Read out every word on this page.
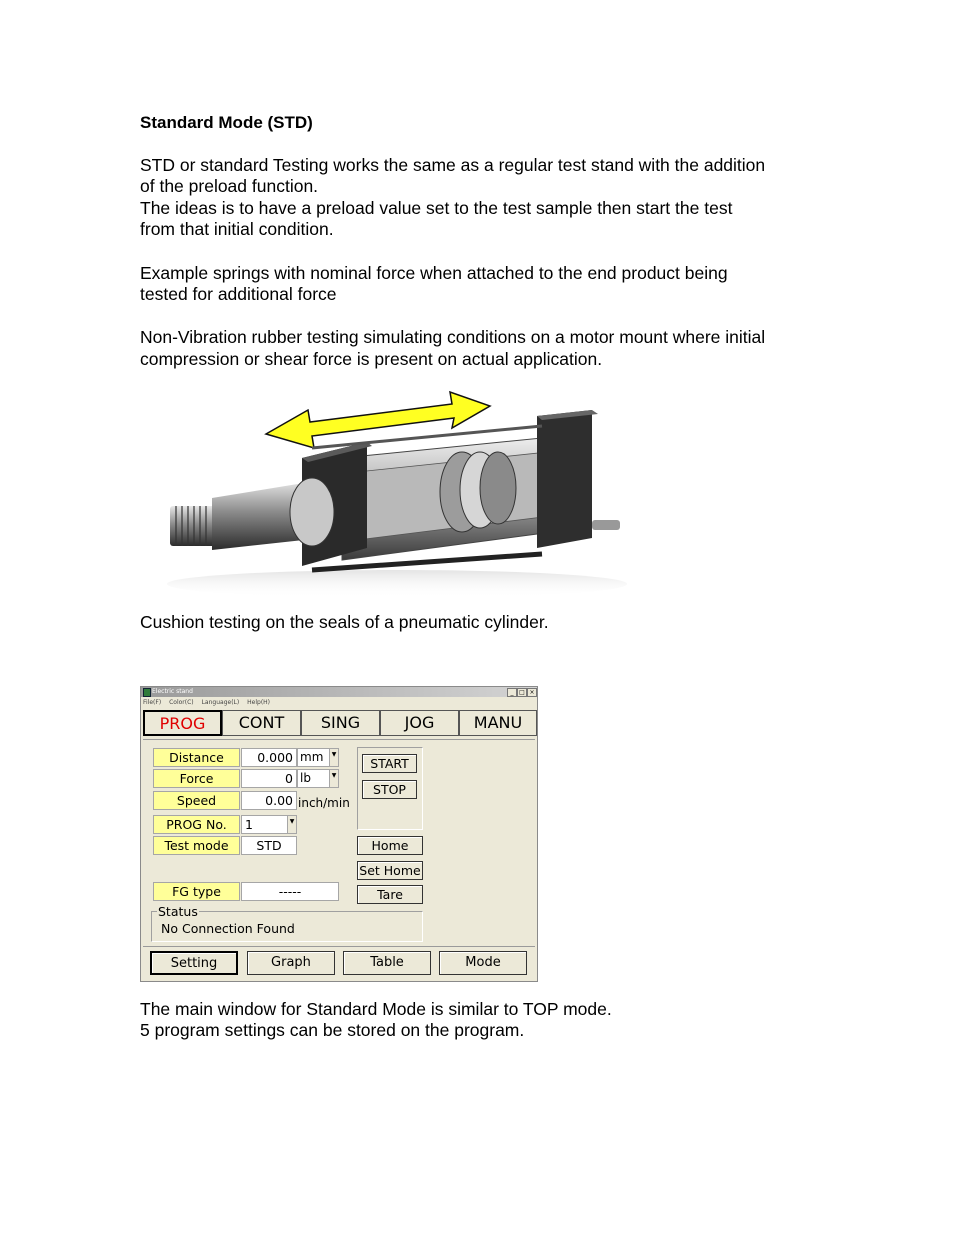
Standard Mode (STD)

STD or standard Testing works the same as a regular test stand with the addition

of the preload function.

The ideas is to have a preload value set to the test sample then start the test

from that initial condition.

Example springs with nominal force when attached to the end product being

tested for additional force

Non-Vibration rubber testing simulating conditions on a motor mount where initial

compression or shear force is present on actual application.

Cushion testing on the seals of a pneumatic cylinder.

Electric stand	_ □ ×
File(F) Color(C) Language(L) Help(H)
PROG	CONT	SING	JOG	MANU
Distance	0.000 mm	▼
Force	0 lb	▼
Speed	0.00 inch/min
PROG No.	1	▼
Test mode	STD
START
STOP
Home
Set Home
Tare
FG type	-----
Status
No Connection Found
Setting	Graph	Table	Mode

The main window for Standard Mode is similar to TOP mode.

5 program settings can be stored on the program.
